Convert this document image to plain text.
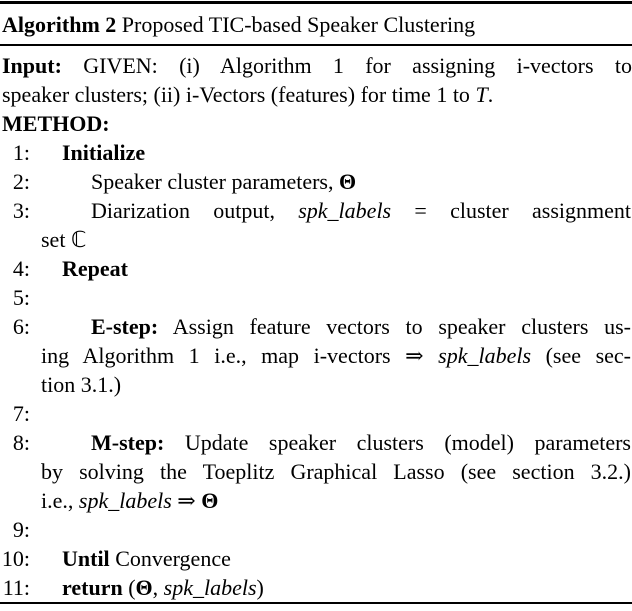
Algorithm 2 Proposed TIC-based Speaker Clustering
Input: GIVEN: (i) Algorithm 1 for assigning i-vectors to
speaker clusters; (ii) i-Vectors (features) for time 1 to T.
METHOD:
1: Initialize
2:	Speaker cluster parameters, Θ
3:	Diarization output, spk_labels = cluster assignment
set ℂ
4: Repeat
5:
6:	E-step: Assign feature vectors to speaker clusters us-
ing Algorithm 1 i.e., map i-vectors ⇒ spk_labels (see sec-
tion 3.1.)
7:
8:	M-step: Update speaker clusters (model) parameters
by solving the Toeplitz Graphical Lasso (see section 3.2.)
i.e., spk_labels ⇒ Θ
9:
10: Until Convergence
11: return (Θ, spk_labels)
